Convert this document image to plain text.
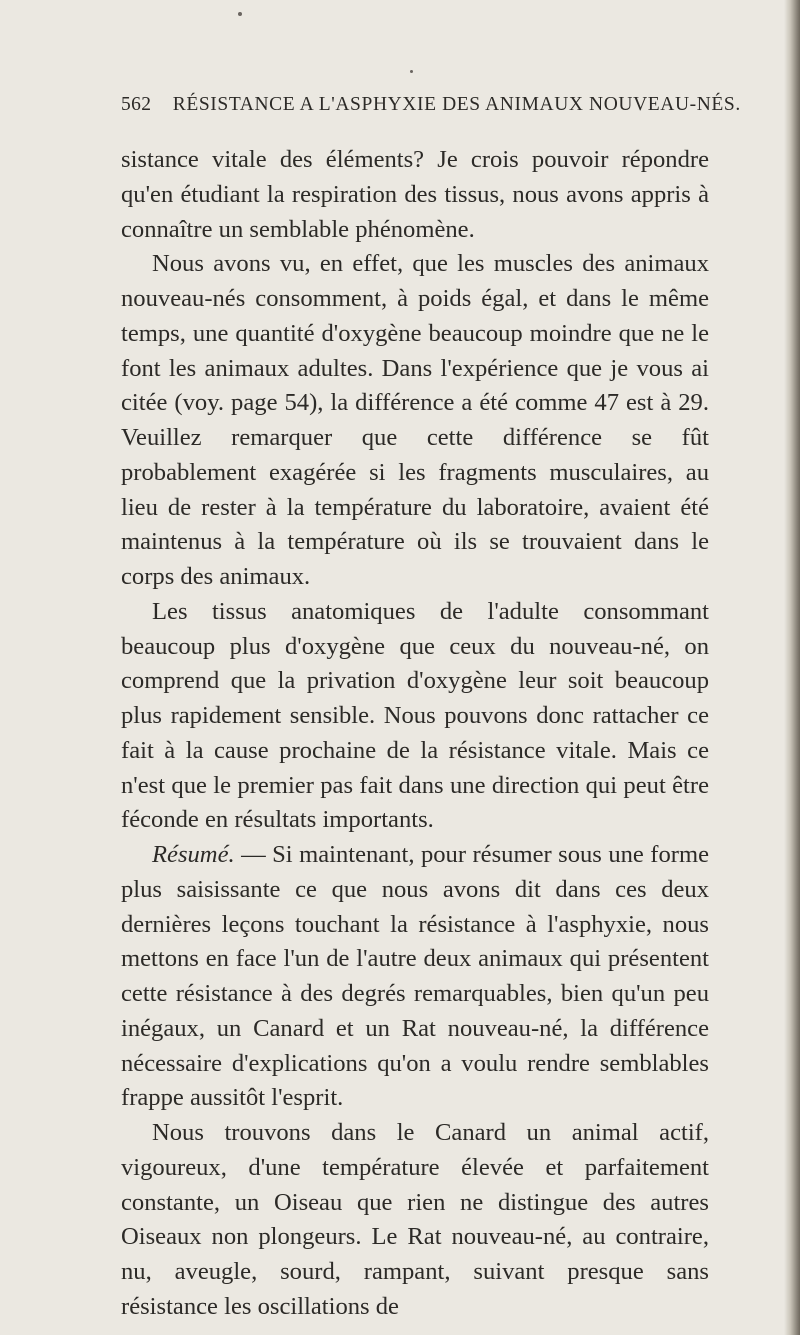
562 RÉSISTANCE A L'ASPHYXIE DES ANIMAUX NOUVEAU-NÉS.

sistance vitale des éléments? Je crois pouvoir répondre qu'en étudiant la respiration des tissus, nous avons appris à connaître un semblable phénomène.

Nous avons vu, en effet, que les muscles des animaux nouveau-nés consomment, à poids égal, et dans le même temps, une quantité d'oxygène beaucoup moindre que ne le font les animaux adultes. Dans l'expérience que je vous ai citée (voy. page 54), la différence a été comme 47 est à 29. Veuillez remarquer que cette différence se fût probablement exagérée si les fragments musculaires, au lieu de rester à la température du laboratoire, avaient été maintenus à la température où ils se trouvaient dans le corps des animaux.

Les tissus anatomiques de l'adulte consommant beaucoup plus d'oxygène que ceux du nouveau-né, on comprend que la privation d'oxygène leur soit beaucoup plus rapidement sensible. Nous pouvons donc rattacher ce fait à la cause prochaine de la résistance vitale. Mais ce n'est que le premier pas fait dans une direction qui peut être féconde en résultats importants.

Résumé. — Si maintenant, pour résumer sous une forme plus saisissante ce que nous avons dit dans ces deux dernières leçons touchant la résistance à l'asphyxie, nous mettons en face l'un de l'autre deux animaux qui présentent cette résistance à des degrés remarquables, bien qu'un peu inégaux, un Canard et un Rat nouveau-né, la différence nécessaire d'explications qu'on a voulu rendre semblables frappe aussitôt l'esprit.

Nous trouvons dans le Canard un animal actif, vigoureux, d'une température élevée et parfaitement constante, un Oiseau que rien ne distingue des autres Oiseaux non plongeurs. Le Rat nouveau-né, au contraire, nu, aveugle, sourd, rampant, suivant presque sans résistance les oscillations de
